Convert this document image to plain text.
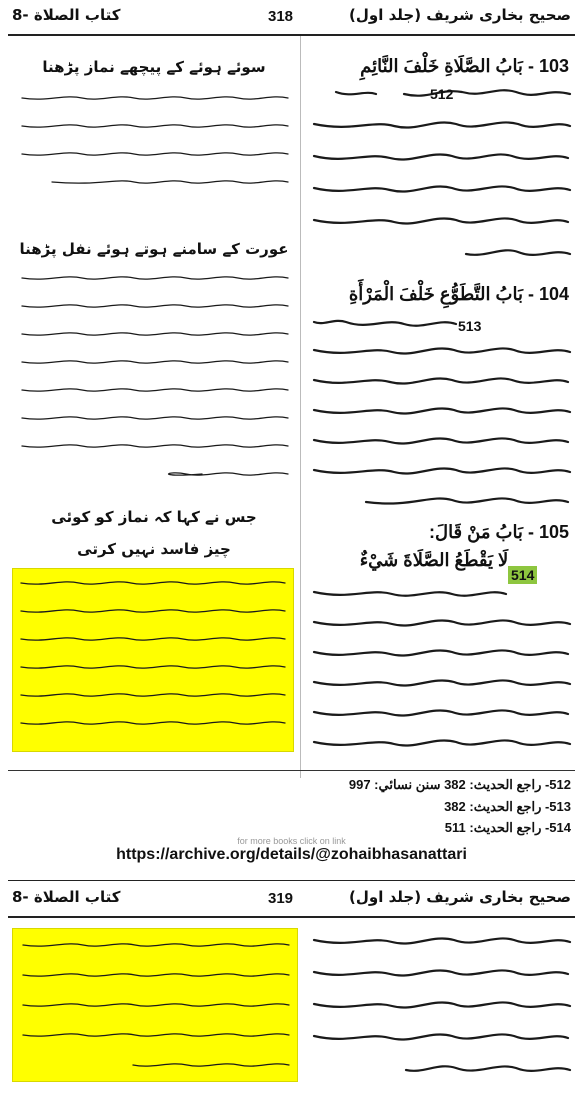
8- كتاب الصلاة	318	صحیح بخاری شریف (جلد اول)
103 - بَابُ الصَّلَاةِ خَلْفَ النَّائِمِ
512
104 - بَابُ التَّطَوُّعِ خَلْفَ الْمَرْأَةِ
513
105 - بَابُ مَنْ قَالَ:
لَا يَقْطَعُ الصَّلَاةَ شَيْءٌ
514
سوئے ہوئے کے پیچھے نماز پڑھنا
عورت کے سامنے ہوتے ہوئے نفل پڑھنا
جس نے کہا کہ نماز کو کوئی
چیز فاسد نہیں کرتی
512- راجع الحديث: 382 سنن نسائي: 997
513- راجع الحديث: 382
514- راجع الحديث: 511
for more books click on link
https://archive.org/details/@zohaibhasanattari
8- كتاب الصلاة	319	صحیح بخاری شریف (جلد اول)
